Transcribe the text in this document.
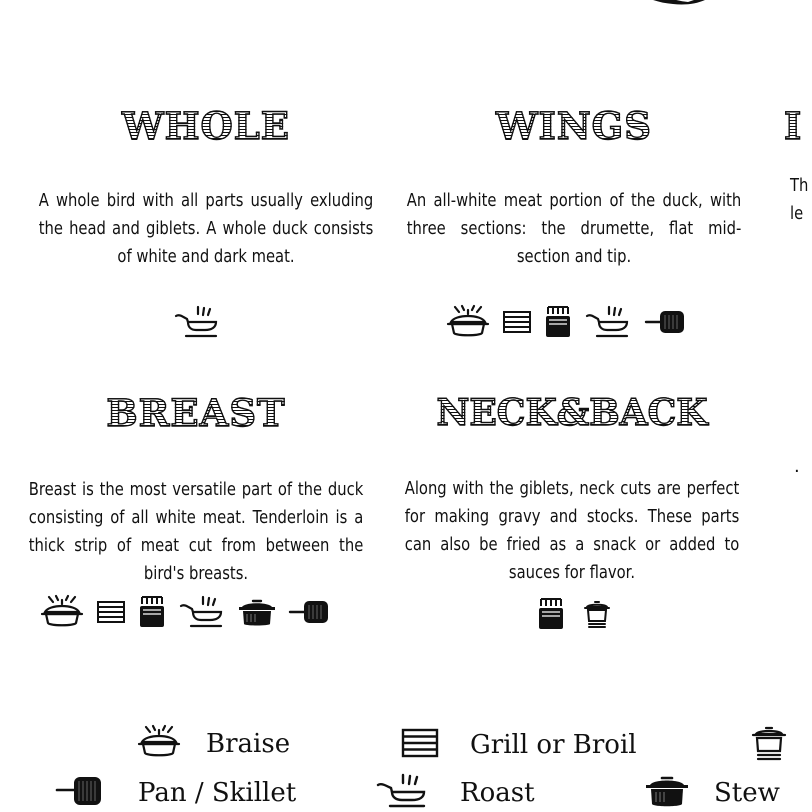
WHOLE
A whole bird with all parts usually exluding the head and giblets. A whole duck consists of white and dark meat.
WINGS
An all-white meat portion of the duck, with three sections: the drumette, flat mid-section and tip.
I
Th
le
.
BREAST
Breast is the most versatile part of the duck consisting of all white meat. Tenderloin is a thick strip of meat cut from between the bird's breasts.
NECK&BACK
Along with the giblets, neck cuts are perfect for making gravy and stocks. These parts can also be fried as a snack or added to sauces for flavor.
Braise	Grill or Broil
Pan / Skillet	Roast	Stew
